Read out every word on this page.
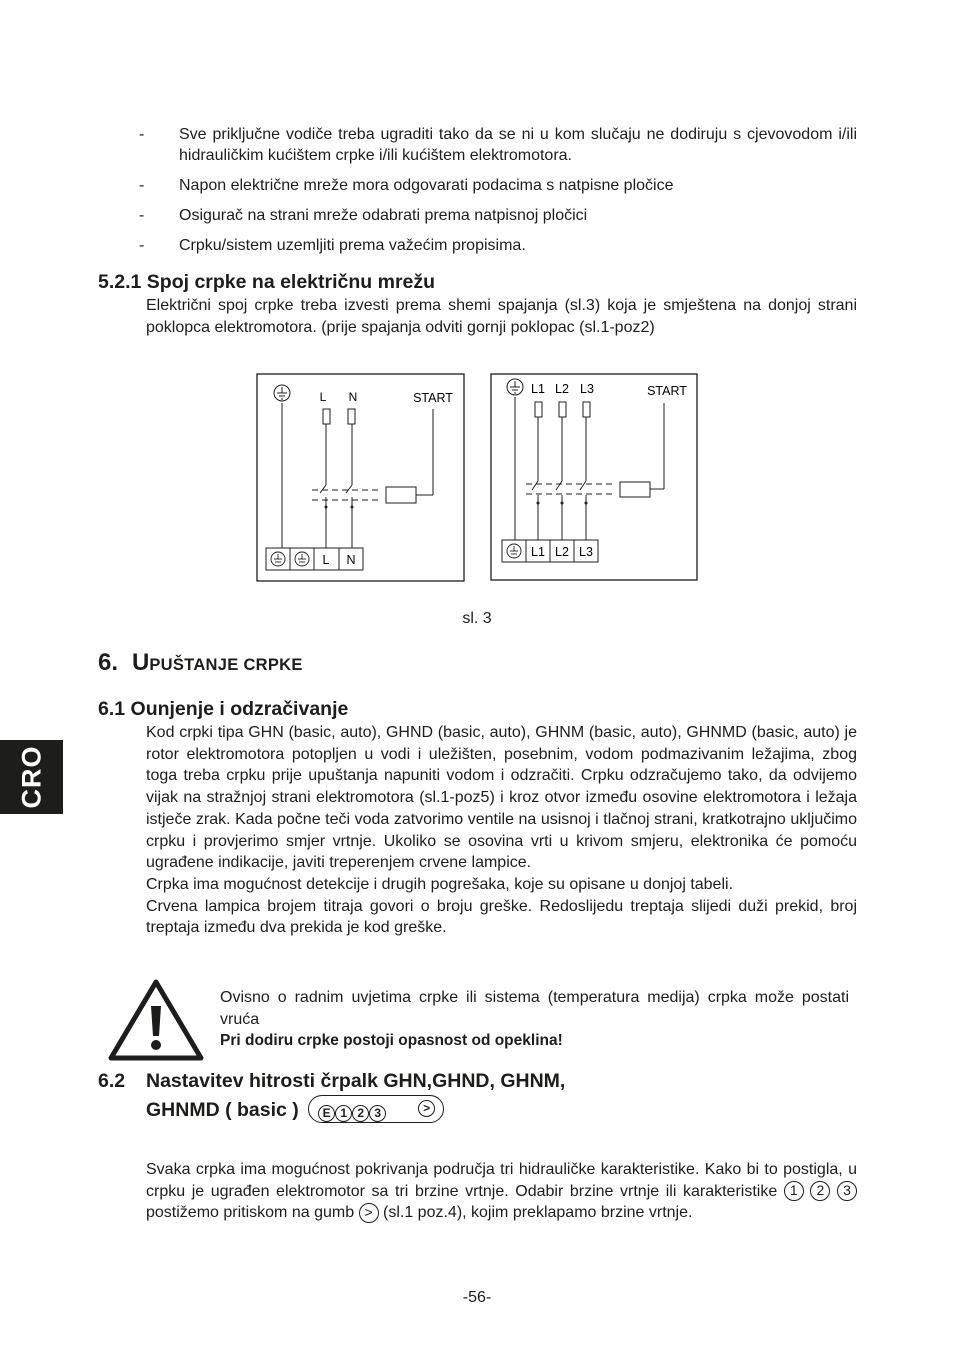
- Sve priključne vodiče treba ugraditi tako da se ni u kom slučaju ne dodiruju s cjevovodom i/ili hidrauličkim kućištem crpke i/ili kućištem elektromotora.
- Napon električne mreže mora odgovarati podacima s natpisne pločice
- Osigurač na strani mreže odabrati prema natpisnoj pločici
- Crpku/sistem uzemljiti prema važećim propisima.
5.2.1 Spoj crpke na električnu mrežu

Električni spoj crpke treba izvesti prema shemi spajanja (sl.3) koja je smještena na donjoj strani poklopca elektromotora. (prije spajanja odviti gornji poklopac (sl.1-poz2)

L N	START
L N
L1 L2 L3	START
L1 L2 L3
sl. 3
6. UPUŠTANJE CRPKE
6.1 Ounjenje i odzračivanje

Kod crpki tipa GHN (basic, auto), GHND (basic, auto), GHNM (basic, auto), GHNMD (basic, auto) je rotor elektromotora potopljen u vodi i uležišten, posebnim, vodom podmazivanim ležajima, zbog toga treba crpku prije upuštanja napuniti vodom i odzračiti. Crpku odzračujemo tako, da odvijemo vijak na stražnjoj strani elektromotora (sl.1-poz5) i kroz otvor između osovine elektromotora i ležaja istječe zrak. Kada počne teči voda zatvorimo ventile na usisnoj i tlačnoj strani, kratkotrajno uključimo crpku i provjerimo smjer vrtnje. Ukoliko se osovina vrti u krivom smjeru, elektronika će pomoću ugrađene indikacije, javiti treperenjem crvene lampice.

Crpka ima mogućnost detekcije i drugih pogrešaka, koje su opisane u donjoj tabeli.

Crvena lampica brojem titraja govori o broju greške. Redoslijedu treptaja slijedi duži prekid, broj treptaja između dva prekida je kod greške.

Ovisno o radnim uvjetima crpke ili sistema (temperatura medija) crpka može postati vruća

Pri dodiru crpke postoji opasnost od opeklina!

6.2 Nastavitev hitrosti črpalk GHN,GHND, GHNM,
GHNMD ( basic )	E 1 2 3	>

Svaka crpka ima mogućnost pokrivanja područja tri hidrauličke karakteristike. Kako bi to postigla, u crpku je ugrađen elektromotor sa tri brzine vrtnje. Odabir brzine vrtnje ili karakteristike 1 2 3 postižemo pritiskom na gumb > (sl.1 poz.4), kojim preklapamo brzine vrtnje.

CRO
-56-
